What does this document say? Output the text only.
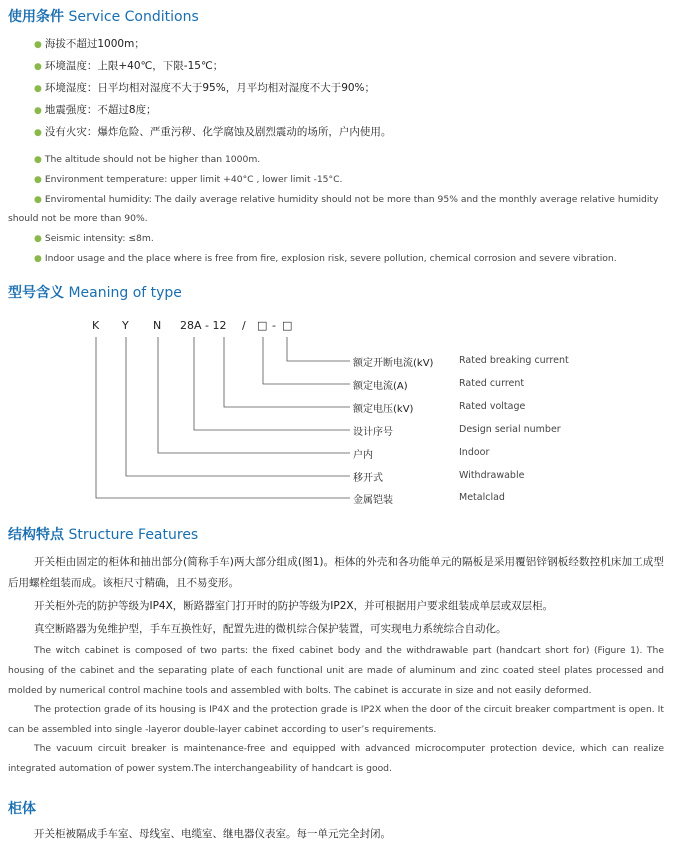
使用条件 Service Conditions
● 海拔不超过1000m；
● 环境温度：上限+40℃，下限-15℃；
● 环境湿度：日平均相对湿度不大于95%，月平均相对湿度不大于90%；
● 地震强度：不超过8度；
● 没有火灾：爆炸危险、严重污秽、化学腐蚀及剧烈震动的场所，户内使用。
● The altitude should not be higher than 1000m.
● Environment temperature: upper limit +40°C , lower limit -15°C.
● Enviromental humidity: The daily average relative humidity should not be more than 95% and the monthly average relative humidity
should not be more than 90%.
● Seismic intensity: ≤8m.
● Indoor usage and the place where is free from fire, explosion risk, severe pollution, chemical corrosion and severe vibration.
型号含义 Meaning of type
K Y N 28A - 12 / □ - □
额定开断电流(kV)	Rated breaking current
额定电流(A)	Rated current
额定电压(kV)	Rated voltage
设计序号	Design serial number
户内	Indoor
移开式	Withdrawable
金属铠装	Metalclad
结构特点 Structure Features

开关柜由固定的柜体和抽出部分(简称手车)两大部分组成(图1)。柜体的外壳和各功能单元的隔板是采用覆铝锌钢板经数控机床加工成型后用螺栓组装而成。该柜尺寸精确，且不易变形。

开关柜外壳的防护等级为IP4X，断路器室门打开时的防护等级为IP2X，并可根据用户要求组装成单层或双层柜。

真空断路器为免维护型，手车互换性好，配置先进的微机综合保护装置，可实现电力系统综合自动化。

The witch cabinet is composed of two parts: the fixed cabinet body and the withdrawable part (handcart short for) (Figure 1). The housing of the cabinet and the separating plate of each functional unit are made of aluminum and zinc coated steel plates processed and molded by numerical control machine tools and assembled with bolts. The cabinet is accurate in size and not easily deformed.

The protection grade of its housing is IP4X and the protection grade is IP2X when the door of the circuit breaker compartment is open. It can be assembled into single -layeror double-layer cabinet according to user’s requirements.

The vacuum circuit breaker is maintenance-free and equipped with advanced microcomputer protection device, which can realize integrated automation of power system.The interchangeability of handcart is good.

柜体

开关柜被隔成手车室、母线室、电缆室、继电器仪表室。每一单元完全封闭。
